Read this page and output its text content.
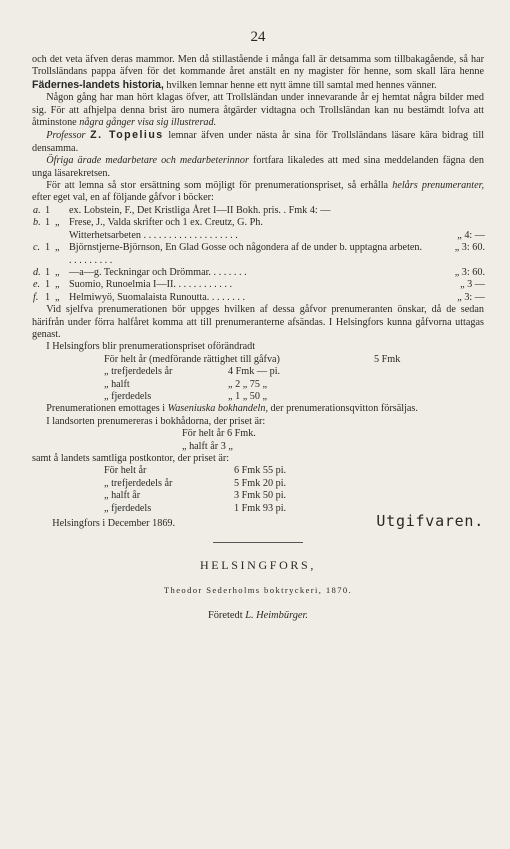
24

och det veta äfven deras mammor. Men då stillastående i många fall är detsamma som tillbakagående, så har Trollsländans pappa äfven för det kommande året anstält en ny magister för henne, som skall lära henne Fädernes-landets historia, hvilken lemnar henne ett nytt ämne till samtal med hennes vänner.

Någon gång har man hört klagas öfver, att Trollsländan under innevarande år ej hemtat några bilder med sig. För att afhjelpa denna brist äro numera åtgärder vidtagna och Trollsländan kan nu bestämdt lofva att åtminstone några gånger visa sig illustrerad.

Professor Z. Topelius lemnar äfven under nästa år sina för Trollsländans läsare kära bidrag till densamma.

Öfriga ärade medarbetare och medarbeterinnor fortfara likaledes att med sina meddelanden fägna den unga läsarekretsen.

För att lemna så stor ersättning som möjligt för prenumerationspriset, så erhålla helårs prenumeranter, efter eget val, en af följande gåfvor i böcker:

a.	1		ex. Lobstein, F., Det Kristliga Året I—II Bokh. pris. . Fmk 4: —	
b.	1	„	Frese, J., Valda skrifter och 1 ex. Creutz, G. Ph.	
			Witterhetsarbeten . . . . . . . . . . . . . . . . . . .	„ 4: —
c.	1	„	Björnstjerne-Björnson, En Glad Gosse och någondera af de under b. upptagna arbeten. . . . . . . . . .	„ 3: 60.
d.	1	„	—a—g. Teckningar och Drömmar. . . . . . . .	„ 3: 60.
e.	1	„	Suomio, Runoelmia I—II. . . . . . . . . . . .	„ 3 —
f.	1	„	Helmiwyö, Suomalaista Runoutta. . . . . . . .	„ 3: —

Vid sjelfva prenumerationen bör uppges hvilken af dessa gåfvor prenumeranten önskar, då de sedan härifrån under förra halfåret komma att till prenumeranterne afsändas. I Helsingfors kunna gåfvorna uttagas genast.

I Helsingfors blir prenumerationspriset oförändradt

För helt år (medförande rättighet till gåfva)	5 Fmk

„ trefjerdedels år	4 Fmk — pi.

„ halft	„ 2 „ 75 „

„ fjerdedels	„ 1 „ 50 „

Prenumerationen emottages i Waseniuska bokhandeln, der prenumerationsqvitton försäljas.

I landsorten prenumereras i bokhådorna, der priset är:

För helt år 6 Fmk.

„ halft år 3 „

samt å landets samtliga postkontor, der priset är:

För helt år	6 Fmk 55 pi.

„ trefjerdedels år	5 Fmk 20 pi.

„ halft år	3 Fmk 50 pi.

„ fjerdedels	1 Fmk 93 pi.

Helsingfors i December 1869.	Utgifvaren.

HELSINGFORS,

Theodor Sederholms boktryckeri, 1870.

Företedt L. Heimbürger.
